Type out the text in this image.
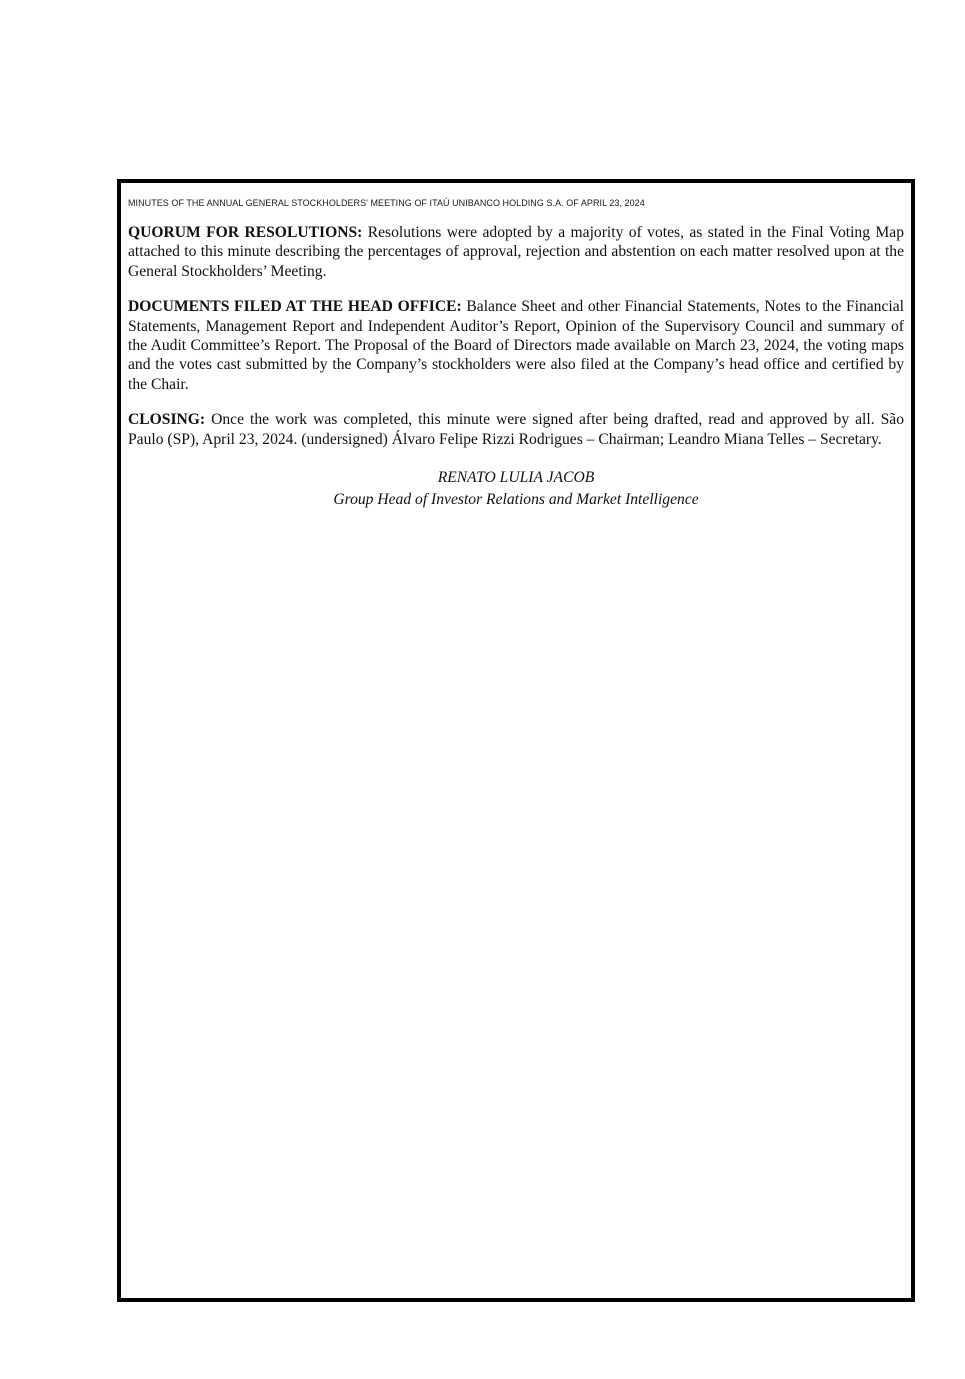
MINUTES OF THE ANNUAL GENERAL STOCKHOLDERS' MEETING OF ITAÚ UNIBANCO HOLDING S.A. OF APRIL 23, 2024

QUORUM FOR RESOLUTIONS: Resolutions were adopted by a majority of votes, as stated in the Final Voting Map attached to this minute describing the percentages of approval, rejection and abstention on each matter resolved upon at the General Stockholders’ Meeting.

DOCUMENTS FILED AT THE HEAD OFFICE: Balance Sheet and other Financial Statements, Notes to the Financial Statements, Management Report and Independent Auditor’s Report, Opinion of the Supervisory Council and summary of the Audit Committee’s Report. The Proposal of the Board of Directors made available on March 23, 2024, the voting maps and the votes cast submitted by the Company’s stockholders were also filed at the Company’s head office and certified by the Chair.

CLOSING: Once the work was completed, this minute were signed after being drafted, read and approved by all. São Paulo (SP), April 23, 2024. (undersigned) Álvaro Felipe Rizzi Rodrigues – Chairman; Leandro Miana Telles – Secretary.

RENATO LULIA JACOB
Group Head of Investor Relations and Market Intelligence
